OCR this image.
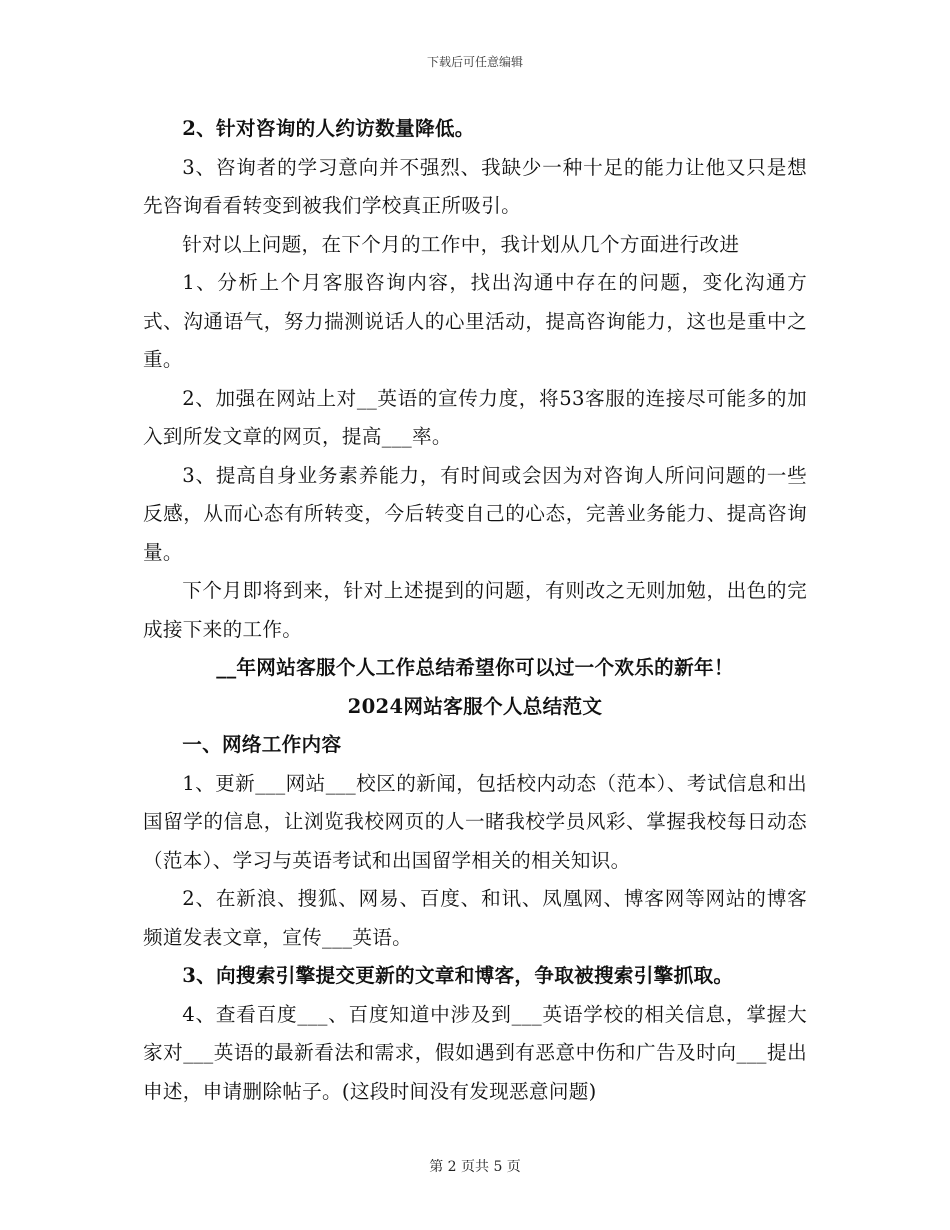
下载后可任意编辑

2、针对咨询的人约访数量降低。

3、咨询者的学习意向并不强烈、我缺少一种十足的能力让他又只是想先咨询看看转变到被我们学校真正所吸引。

针对以上问题，在下个月的工作中，我计划从几个方面进行改进

1、分析上个月客服咨询内容，找出沟通中存在的问题，变化沟通方式、沟通语气，努力揣测说话人的心里活动，提高咨询能力，这也是重中之重。

2、加强在网站上对__英语的宣传力度，将53客服的连接尽可能多的加入到所发文章的网页，提高___率。

3、提高自身业务素养能力，有时间或会因为对咨询人所问问题的一些反感，从而心态有所转变，今后转变自己的心态，完善业务能力、提高咨询量。

下个月即将到来，针对上述提到的问题，有则改之无则加勉，出色的完成接下来的工作。

__年网站客服个人工作总结希望你可以过一个欢乐的新年！

2024网站客服个人总结范文

一、网络工作内容

1、更新___网站___校区的新闻，包括校内动态（范本）、考试信息和出国留学的信息，让浏览我校网页的人一睹我校学员风彩、掌握我校每日动态（范本）、学习与英语考试和出国留学相关的相关知识。

2、在新浪、搜狐、网易、百度、和讯、凤凰网、博客网等网站的博客频道发表文章，宣传___英语。

3、向搜索引擎提交更新的文章和博客，争取被搜索引擎抓取。

4、查看百度___、百度知道中涉及到___英语学校的相关信息，掌握大家对___英语的最新看法和需求，假如遇到有恶意中伤和广告及时向___提出申述，申请删除帖子。(这段时间没有发现恶意问题)

第 2 页共 5 页
